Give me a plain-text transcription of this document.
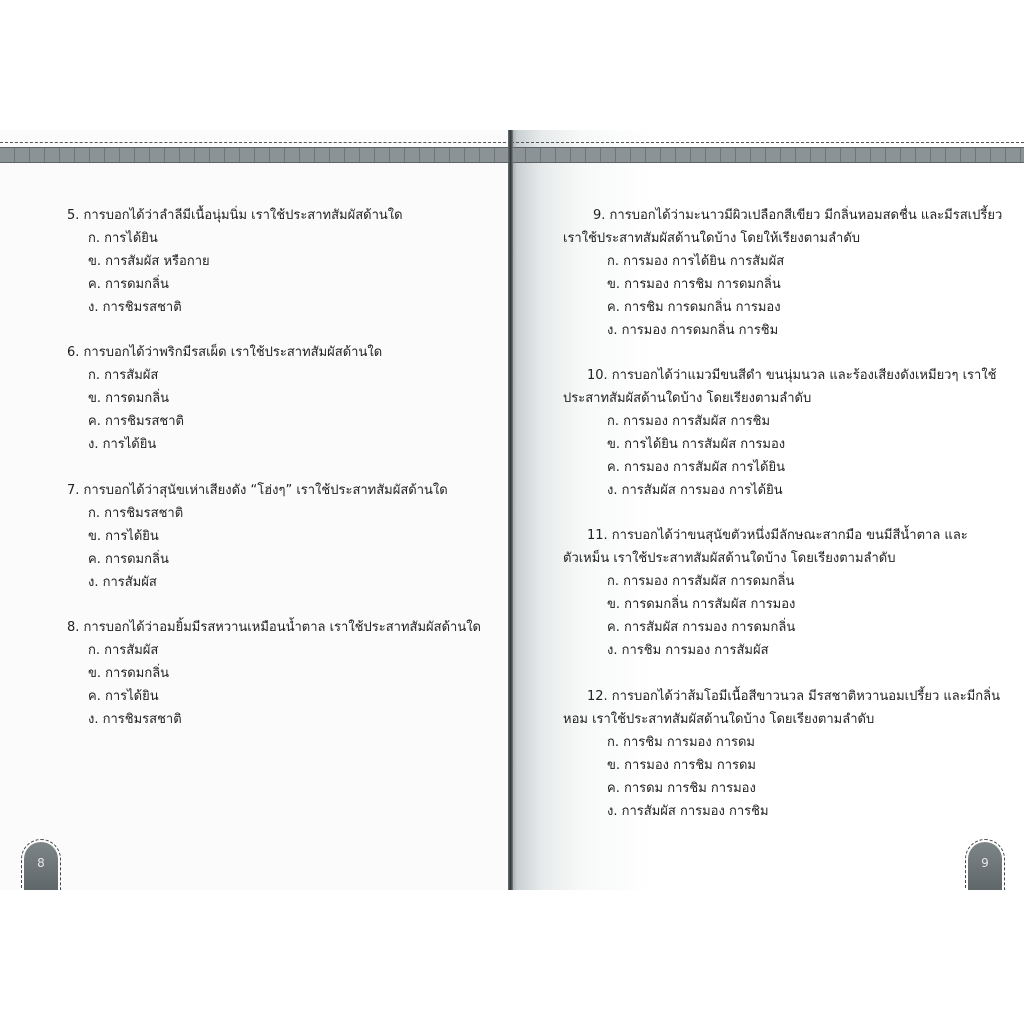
5. การบอกได้ว่าลำลีมีเนื้อนุ่มนิ่ม เราใช้ประสาทสัมผัสด้านใด
ก. การได้ยิน
ข. การสัมผัส หรือกาย
ค. การดมกลิ่น
ง. การชิมรสชาติ
6. การบอกได้ว่าพริกมีรสเผ็ด เราใช้ประสาทสัมผัสด้านใด
ก. การสัมผัส
ข. การดมกลิ่น
ค. การชิมรสชาติ
ง. การได้ยิน
7. การบอกได้ว่าสุนัขเห่าเสียงดัง “โฮ่งๆ” เราใช้ประสาทสัมผัสด้านใด
ก. การชิมรสชาติ
ข. การได้ยิน
ค. การดมกลิ่น
ง. การสัมผัส
8. การบอกได้ว่าอมยิ้มมีรสหวานเหมือนน้ำตาล เราใช้ประสาทสัมผัสด้านใด
ก. การสัมผัส
ข. การดมกลิ่น
ค. การได้ยิน
ง. การชิมรสชาติ
9. การบอกได้ว่ามะนาวมีผิวเปลือกสีเขียว มีกลิ่นหอมสดชื่น และมีรสเปรี้ยว
เราใช้ประสาทสัมผัสด้านใดบ้าง โดยให้เรียงตามลำดับ
ก. การมอง การได้ยิน การสัมผัส
ข. การมอง การชิม การดมกลิ่น
ค. การชิม การดมกลิ่น การมอง
ง. การมอง การดมกลิ่น การชิม
10. การบอกได้ว่าแมวมีขนสีดำ ขนนุ่มนวล และร้องเสียงดังเหมียวๆ เราใช้
ประสาทสัมผัสด้านใดบ้าง โดยเรียงตามลำดับ
ก. การมอง การสัมผัส การชิม
ข. การได้ยิน การสัมผัส การมอง
ค. การมอง การสัมผัส การได้ยิน
ง. การสัมผัส การมอง การได้ยิน
11. การบอกได้ว่าขนสุนัขตัวหนึ่งมีลักษณะสากมือ ขนมีสีน้ำตาล และ
ตัวเหม็น เราใช้ประสาทสัมผัสด้านใดบ้าง โดยเรียงตามลำดับ
ก. การมอง การสัมผัส การดมกลิ่น
ข. การดมกลิ่น การสัมผัส การมอง
ค. การสัมผัส การมอง การดมกลิ่น
ง. การชิม การมอง การสัมผัส
12. การบอกได้ว่าส้มโอมีเนื้อสีขาวนวล มีรสชาติหวานอมเปรี้ยว และมีกลิ่น
หอม เราใช้ประสาทสัมผัสด้านใดบ้าง โดยเรียงตามลำดับ
ก. การชิม การมอง การดม
ข. การมอง การชิม การดม
ค. การดม การชิม การมอง
ง. การสัมผัส การมอง การชิม
8	9
